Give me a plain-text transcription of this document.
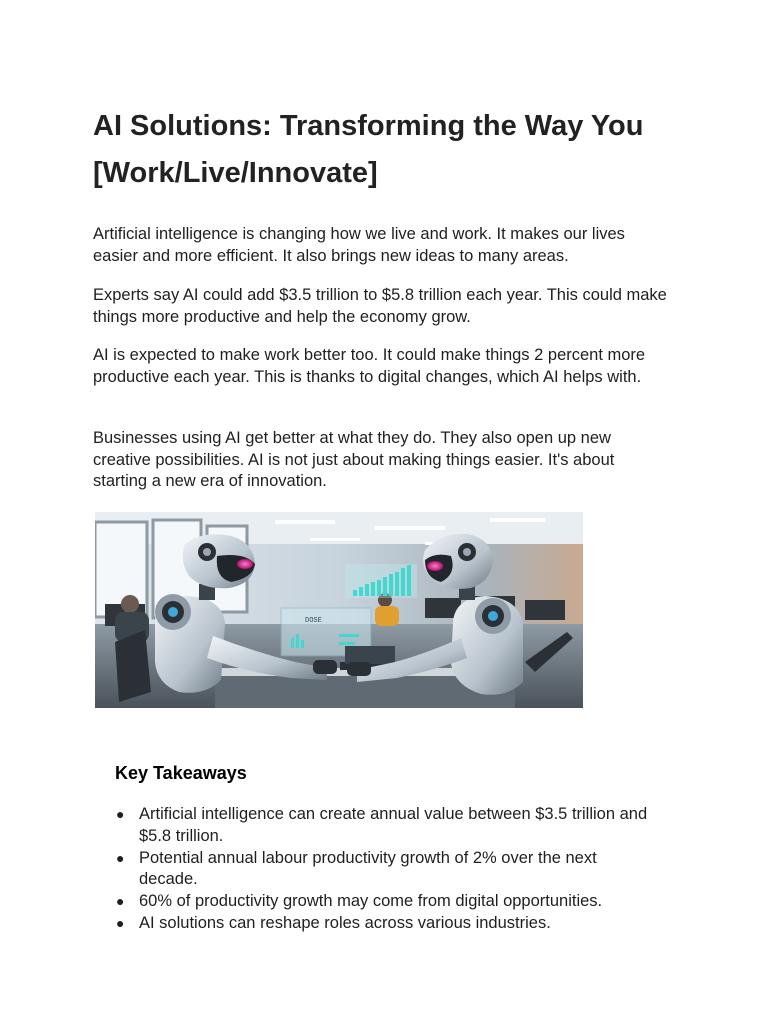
AI Solutions: Transforming the Way You [Work/Live/Innovate]

Artificial intelligence is changing how we live and work. It makes our lives easier and more efficient. It also brings new ideas to many areas.

Experts say AI could add $3.5 trillion to $5.8 trillion each year. This could make things more productive and help the economy grow.

AI is expected to make work better too. It could make things 2 percent more productive each year. This is thanks to digital changes, which AI helps with.

Businesses using AI get better at what they do. They also open up new creative possibilities. AI is not just about making things easier. It's about starting a new era of innovation.

DOSE
Key Takeaways
● Artificial intelligence can create annual value between $3.5 trillion and $5.8 trillion.
● Potential annual labour productivity growth of 2% over the next decade.
● 60% of productivity growth may come from digital opportunities.
● AI solutions can reshape roles across various industries.
